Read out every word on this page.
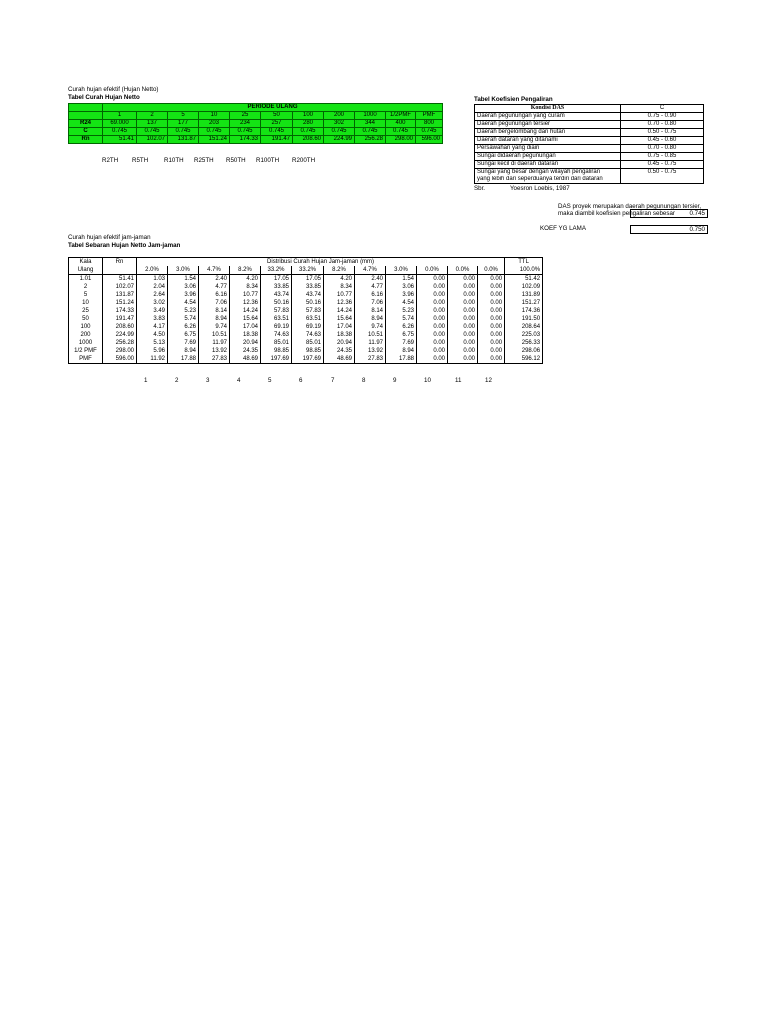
Curah hujan efektif (Hujan Netto)
Tabel Curah Hujan Netto
	PERIODE ULANG										
	1	2	5	10	25	50	100	200	1000	1/2PMF	PMF
R24	69.000	137	177	203	234	257	280	302	344	400	800
C	0.745	0.745	0.745	0.745	0.745	0.745	0.745	0.745	0.745	0.745	0.745
Rn	51.41	102.07	131.87	151.24	174.33	191.47	208.60	224.99	256.28	298.00	596.00
R2TH R5TH	R10TH R25TH R50TH R100TH R200TH
Tabel Koefisien Pengaliran
Kondisi DAS	C
Daerah pegunungan yang curam	0.75 - 0.90
Daerah pegunungan tersier	0.70 - 0.80
Daerah bergelombang dan hutan	0.50 - 0.75
Daerah dataran yang ditanami	0.45 - 0.60
Persawahan yang diairi	0.70 - 0.80
Sungai didaerah pegunungan	0.75 - 0.85
Sungai kecil di daerah dataran	0.45 - 0.75
Sungai yang besar dengan wilayah pengaliran	0.50 - 0.75
yang lebih dari seperduanya terdiri dari dataran	
Sbr.	Yoesron Loebis, 1987
DAS proyek merupakan daerah pegunungan tersier,
maka diambil koefisien pengaliran sebesar	0.745
KOEF YG LAMA	0.750
Curah hujan efektif jam-jaman
Tabel Sebaran Hujan Netto Jam-jaman
Kala	Rn	Distribusi Curah Hujan Jam-jaman (mm)												TTL
Ulang		2.0%	3.0%	4.7%	8.2%	33.2%	33.2%	8.2%	4.7%	3.0%	0.0%	0.0%	0.0%	100.0%
1.01	51.41	1.03	1.54	2.40	4.20	17.05	17.05	4.20	2.40	1.54	0.00	0.00	0.00	51.42
2	102.07	2.04	3.06	4.77	8.34	33.85	33.85	8.34	4.77	3.06	0.00	0.00	0.00	102.09
5	131.87	2.64	3.96	6.16	10.77	43.74	43.74	10.77	6.16	3.96	0.00	0.00	0.00	131.89
10	151.24	3.02	4.54	7.06	12.36	50.16	50.16	12.36	7.06	4.54	0.00	0.00	0.00	151.27
25	174.33	3.49	5.23	8.14	14.24	57.83	57.83	14.24	8.14	5.23	0.00	0.00	0.00	174.36
50	191.47	3.83	5.74	8.94	15.64	63.51	63.51	15.64	8.94	5.74	0.00	0.00	0.00	191.50
100	208.60	4.17	6.26	9.74	17.04	69.19	69.19	17.04	9.74	6.26	0.00	0.00	0.00	208.64
200	224.99	4.50	6.75	10.51	18.38	74.63	74.63	18.38	10.51	6.75	0.00	0.00	0.00	225.03
1000	256.28	5.13	7.69	11.97	20.94	85.01	85.01	20.94	11.97	7.69	0.00	0.00	0.00	256.33
1/2 PMF	298.00	5.96	8.94	13.92	24.35	98.85	98.85	24.35	13.92	8.94	0.00	0.00	0.00	298.06
PMF	596.00	11.92	17.88	27.83	48.69	197.69	197.69	48.69	27.83	17.88	0.00	0.00	0.00	596.12
1	2	3	4	5	6	7	8	9	10	11	12
